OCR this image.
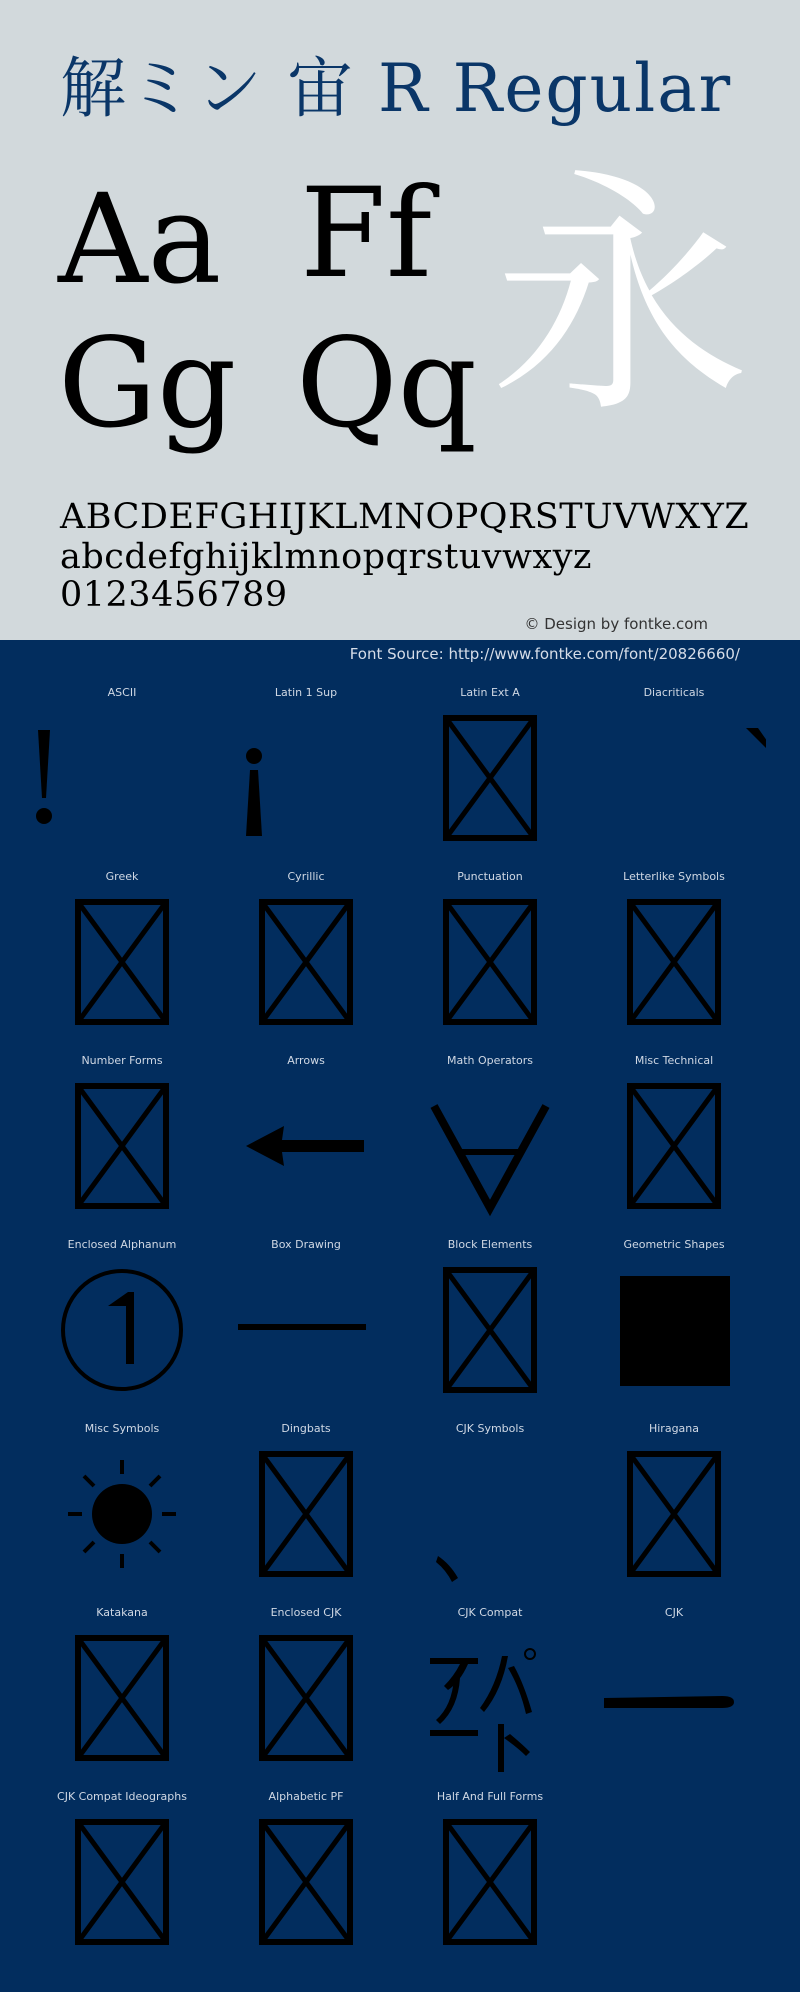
解ミン 宙 R Regular
Aa Ff
Gg Qq 永
ABCDEFGHIJKLMNOPQRSTUVWXYZ
abcdefghijklmnopqrstuvwxyz
0123456789
© Design by fontke.com
Font Source: http://www.fontke.com/font/20826660/
ASCII	Latin 1 Sup	Latin Ext A	Diacriticals
Greek	Cyrillic	Punctuation	Letterlike Symbols
Number Forms	Arrows	Math Operators	Misc Technical
Enclosed Alphanum	Box Drawing	Block Elements	Geometric Shapes
Misc Symbols	Dingbats	CJK Symbols	Hiragana
Katakana	Enclosed CJK	CJK Compat	CJK
CJK Compat Ideographs	Alphabetic PF	Half And Full Forms
